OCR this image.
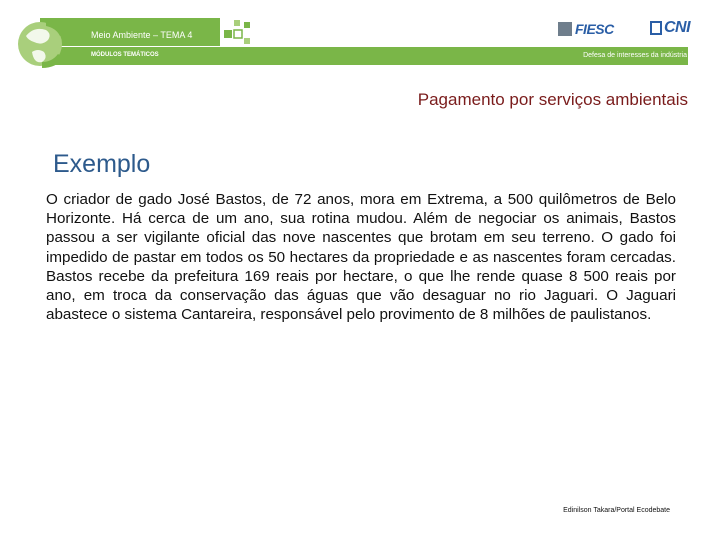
Meio Ambiente – TEMA 4
MÓDULOS TEMÁTICOS
FIESC	CNI
Defesa de interesses da indústria
Pagamento por serviços ambientais
Exemplo
O criador de gado José Bastos, de 72 anos, mora em Extrema, a 500 quilômetros de Belo Horizonte. Há cerca de um ano, sua rotina mudou. Além de negociar os animais, Bastos passou a ser vigilante oficial das nove nascentes que brotam em seu terreno. O gado foi impedido de pastar em todos os 50 hectares da propriedade e as nascentes foram cercadas. Bastos recebe da prefeitura 169 reais por hectare, o que lhe rende quase 8 500 reais por ano, em troca da conservação das águas que vão desaguar no rio Jaguari. O Jaguari abastece o sistema Cantareira, responsável pelo provimento de 8 milhões de paulistanos.
Edinilson Takara/Portal Ecodebate
